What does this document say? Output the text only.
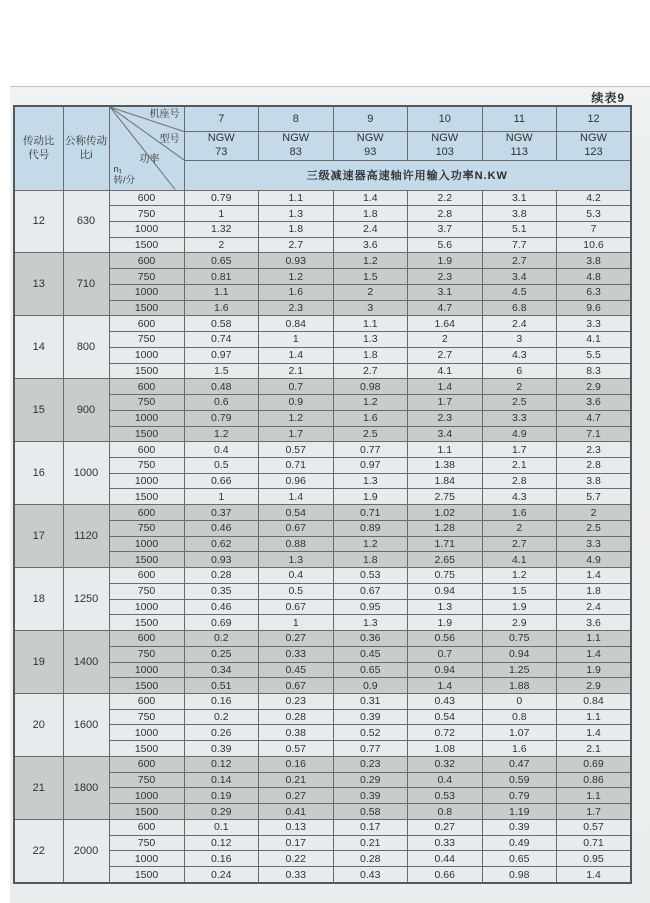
续表9
传动比
代号	公称传动
比i	机座号
型号
功率
n₁
转/分	7	8	9	10	11	12
			NGW
73	NGW
83	NGW
93	NGW
103	NGW
113	NGW
123
			三级减速器高速轴许用输入功率N.KW					
12	630	600	0.79	1.1	1.4	2.2	3.1	4.2
		750	1	1.3	1.8	2.8	3.8	5.3
		1000	1.32	1.8	2.4	3.7	5.1	7
		1500	2	2.7	3.6	5.6	7.7	10.6
13	710	600	0.65	0.93	1.2	1.9	2.7	3.8
		750	0.81	1.2	1.5	2.3	3.4	4.8
		1000	1.1	1.6	2	3.1	4.5	6.3
		1500	1.6	2.3	3	4.7	6.8	9.6
14	800	600	0.58	0.84	1.1	1.64	2.4	3.3
		750	0.74	1	1.3	2	3	4.1
		1000	0.97	1.4	1.8	2.7	4.3	5.5
		1500	1.5	2.1	2.7	4.1	6	8.3
15	900	600	0.48	0.7	0.98	1.4	2	2.9
		750	0.6	0.9	1.2	1.7	2.5	3.6
		1000	0.79	1.2	1.6	2.3	3.3	4.7
		1500	1.2	1.7	2.5	3.4	4.9	7.1
16	1000	600	0.4	0.57	0.77	1.1	1.7	2.3
		750	0.5	0.71	0.97	1.38	2.1	2.8
		1000	0.66	0.96	1.3	1.84	2.8	3.8
		1500	1	1.4	1.9	2.75	4.3	5.7
17	1120	600	0.37	0.54	0.71	1.02	1.6	2
		750	0.46	0.67	0.89	1.28	2	2.5
		1000	0.62	0.88	1.2	1.71	2.7	3.3
		1500	0.93	1.3	1.8	2.65	4.1	4.9
18	1250	600	0.28	0.4	0.53	0.75	1.2	1.4
		750	0.35	0.5	0.67	0.94	1.5	1.8
		1000	0.46	0.67	0.95	1.3	1.9	2.4
		1500	0.69	1	1.3	1.9	2.9	3.6
19	1400	600	0.2	0.27	0.36	0.56	0.75	1.1
		750	0.25	0.33	0.45	0.7	0.94	1.4
		1000	0.34	0.45	0.65	0.94	1.25	1.9
		1500	0.51	0.67	0.9	1.4	1.88	2.9
20	1600	600	0.16	0.23	0.31	0.43	0	0.84
		750	0.2	0.28	0.39	0.54	0.8	1.1
		1000	0.26	0.38	0.52	0.72	1.07	1.4
		1500	0.39	0.57	0.77	1.08	1.6	2.1
21	1800	600	0.12	0.16	0.23	0.32	0.47	0.69
		750	0.14	0.21	0.29	0.4	0.59	0.86
		1000	0.19	0.27	0.39	0.53	0.79	1.1
		1500	0.29	0.41	0.58	0.8	1.19	1.7
22	2000	600	0.1	0.13	0.17	0.27	0.39	0.57
		750	0.12	0.17	0.21	0.33	0.49	0.71
		1000	0.16	0.22	0.28	0.44	0.65	0.95
		1500	0.24	0.33	0.43	0.66	0.98	1.4
